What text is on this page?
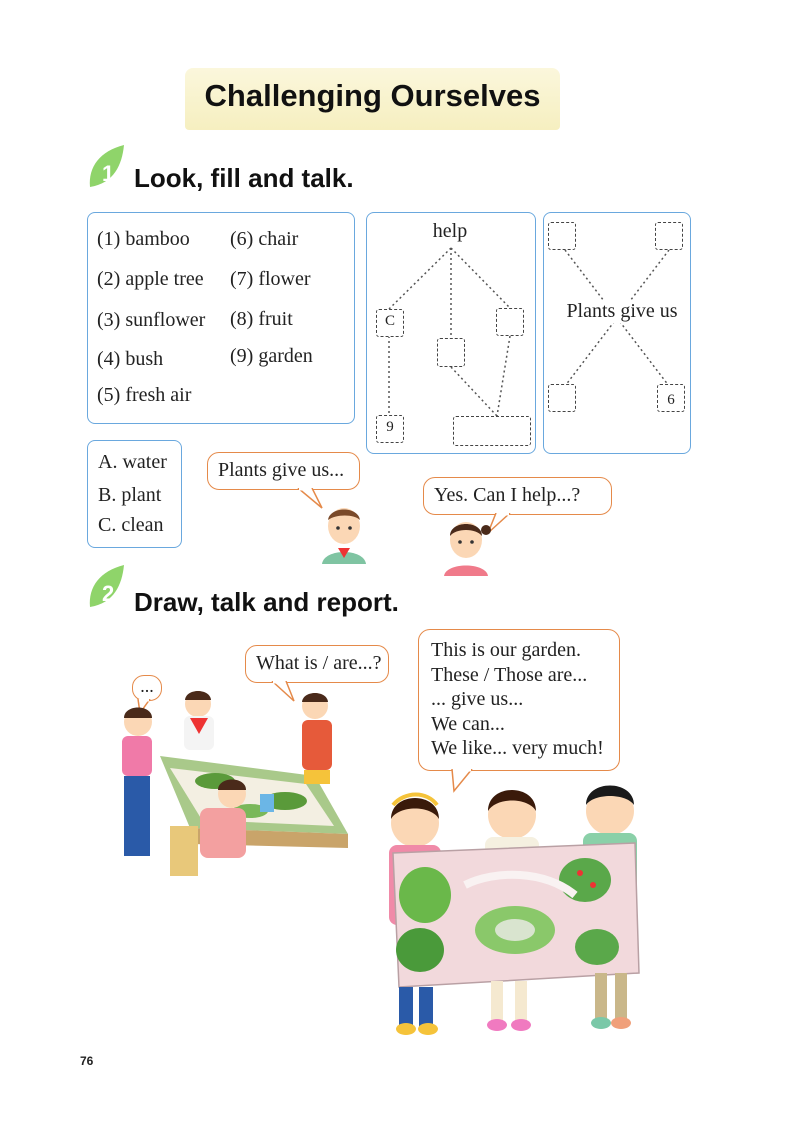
Challenging Ourselves
1 Look, fill and talk.
(1) bamboo
(2) apple tree
(3) sunflower
(4) bush
(5) fresh air
(6) chair
(7) flower
(8) fruit
(9) garden
help
C
9
Plants give us
6
A. water
B. plant
C. clean
Plants give us...
Yes. Can I help...?
2 Draw, talk and report.
...
What is / are...?
This is our garden.
These / Those are...
... give us...
We can...
We like... very much!
76
